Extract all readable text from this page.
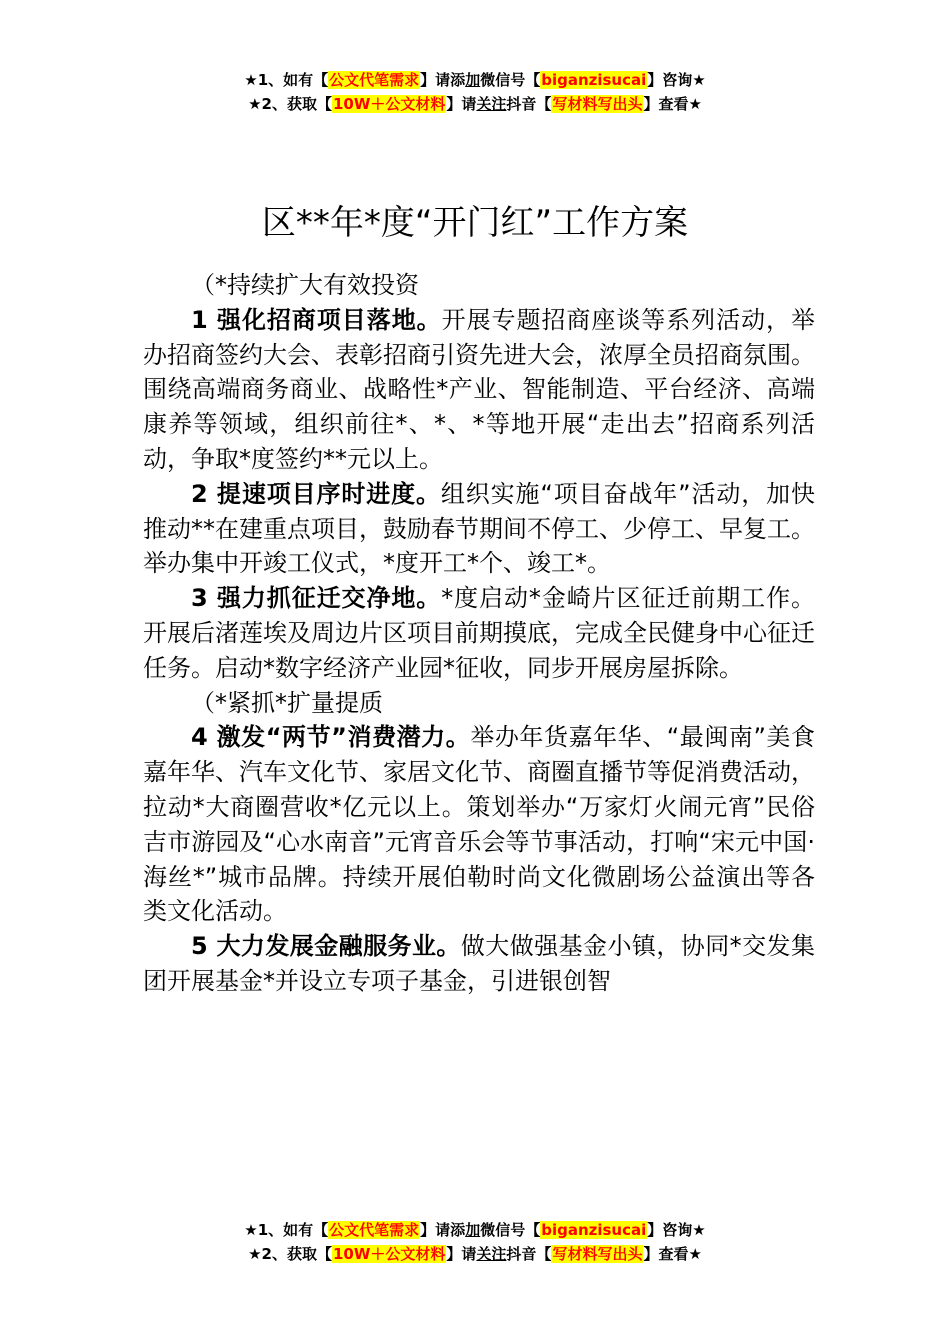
★1、如有【公文代笔需求】请添加微信号【biganzisucai】咨询★
★2、获取【10W＋公文材料】请关注抖音【写材料写出头】查看★
区**年*度“开门红”工作方案

（*持续扩大有效投资

1 强化招商项目落地。开展专题招商座谈等系列活动，举办招商签约大会、表彰招商引资先进大会，浓厚全员招商氛围。围绕高端商务商业、战略性*产业、智能制造、平台经济、高端康养等领域，组织前往*、*、*等地开展“走出去”招商系列活动，争取*度签约**元以上。

2 提速项目序时进度。组织实施“项目奋战年”活动，加快推动**在建重点项目，鼓励春节期间不停工、少停工、早复工。举办集中开竣工仪式，*度开工*个、竣工*。

3 强力抓征迁交净地。*度启动*金崎片区征迁前期工作。开展后渚莲埃及周边片区项目前期摸底，完成全民健身中心征迁任务。启动*数字经济产业园*征收，同步开展房屋拆除。

（*紧抓*扩量提质

4 激发“两节”消费潜力。举办年货嘉年华、“最闽南”美食嘉年华、汽车文化节、家居文化节、商圈直播节等促消费活动，拉动*大商圈营收*亿元以上。策划举办“万家灯火闹元宵”民俗吉市游园及“心水南音”元宵音乐会等节事活动，打响“宋元中国·海丝*”城市品牌。持续开展伯勒时尚文化微剧场公益演出等各类文化活动。

5 大力发展金融服务业。做大做强基金小镇，协同*交发集团开展基金*并设立专项子基金，引进银创智

★1、如有【公文代笔需求】请添加微信号【biganzisucai】咨询★
★2、获取【10W＋公文材料】请关注抖音【写材料写出头】查看★
